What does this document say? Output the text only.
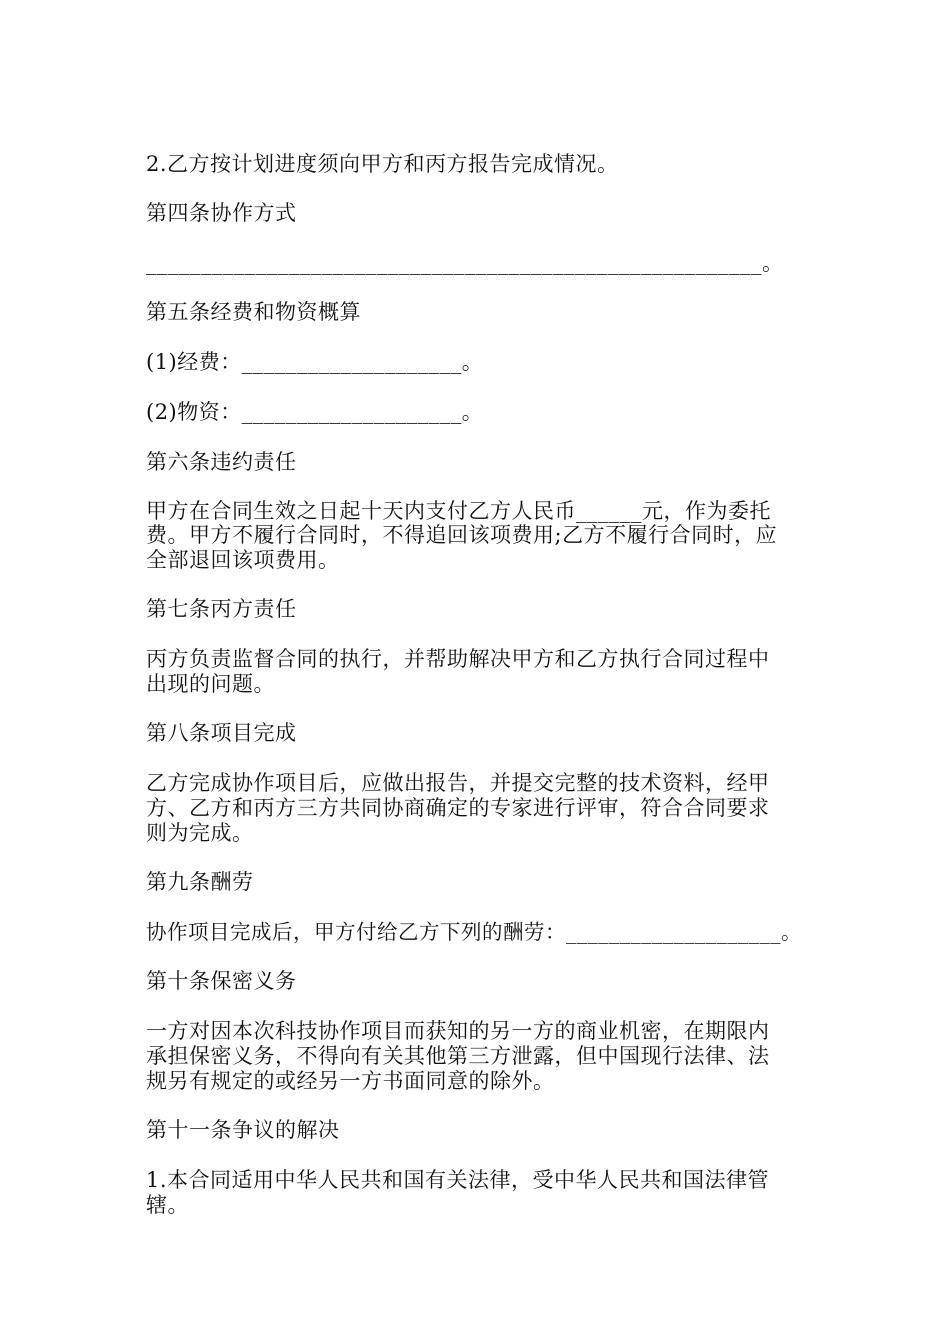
2.乙方按计划进度须向甲方和丙方报告完成情况。
第四条协作方式
________________________________________________________。
第五条经费和物资概算
(1)经费：____________________。
(2)物资：____________________。
第六条违约责任
甲方在合同生效之日起十天内支付乙方人民币______元，作为委托
费。甲方不履行合同时，不得追回该项费用;乙方不履行合同时，应
全部退回该项费用。
第七条丙方责任
丙方负责监督合同的执行，并帮助解决甲方和乙方执行合同过程中
出现的问题。
第八条项目完成
乙方完成协作项目后，应做出报告，并提交完整的技术资料，经甲
方、乙方和丙方三方共同协商确定的专家进行评审，符合合同要求
则为完成。
第九条酬劳
协作项目完成后，甲方付给乙方下列的酬劳：____________________。
第十条保密义务
一方对因本次科技协作项目而获知的另一方的商业机密，在期限内
承担保密义务，不得向有关其他第三方泄露，但中国现行法律、法
规另有规定的或经另一方书面同意的除外。
第十一条争议的解决
1.本合同适用中华人民共和国有关法律，受中华人民共和国法律管
辖。
